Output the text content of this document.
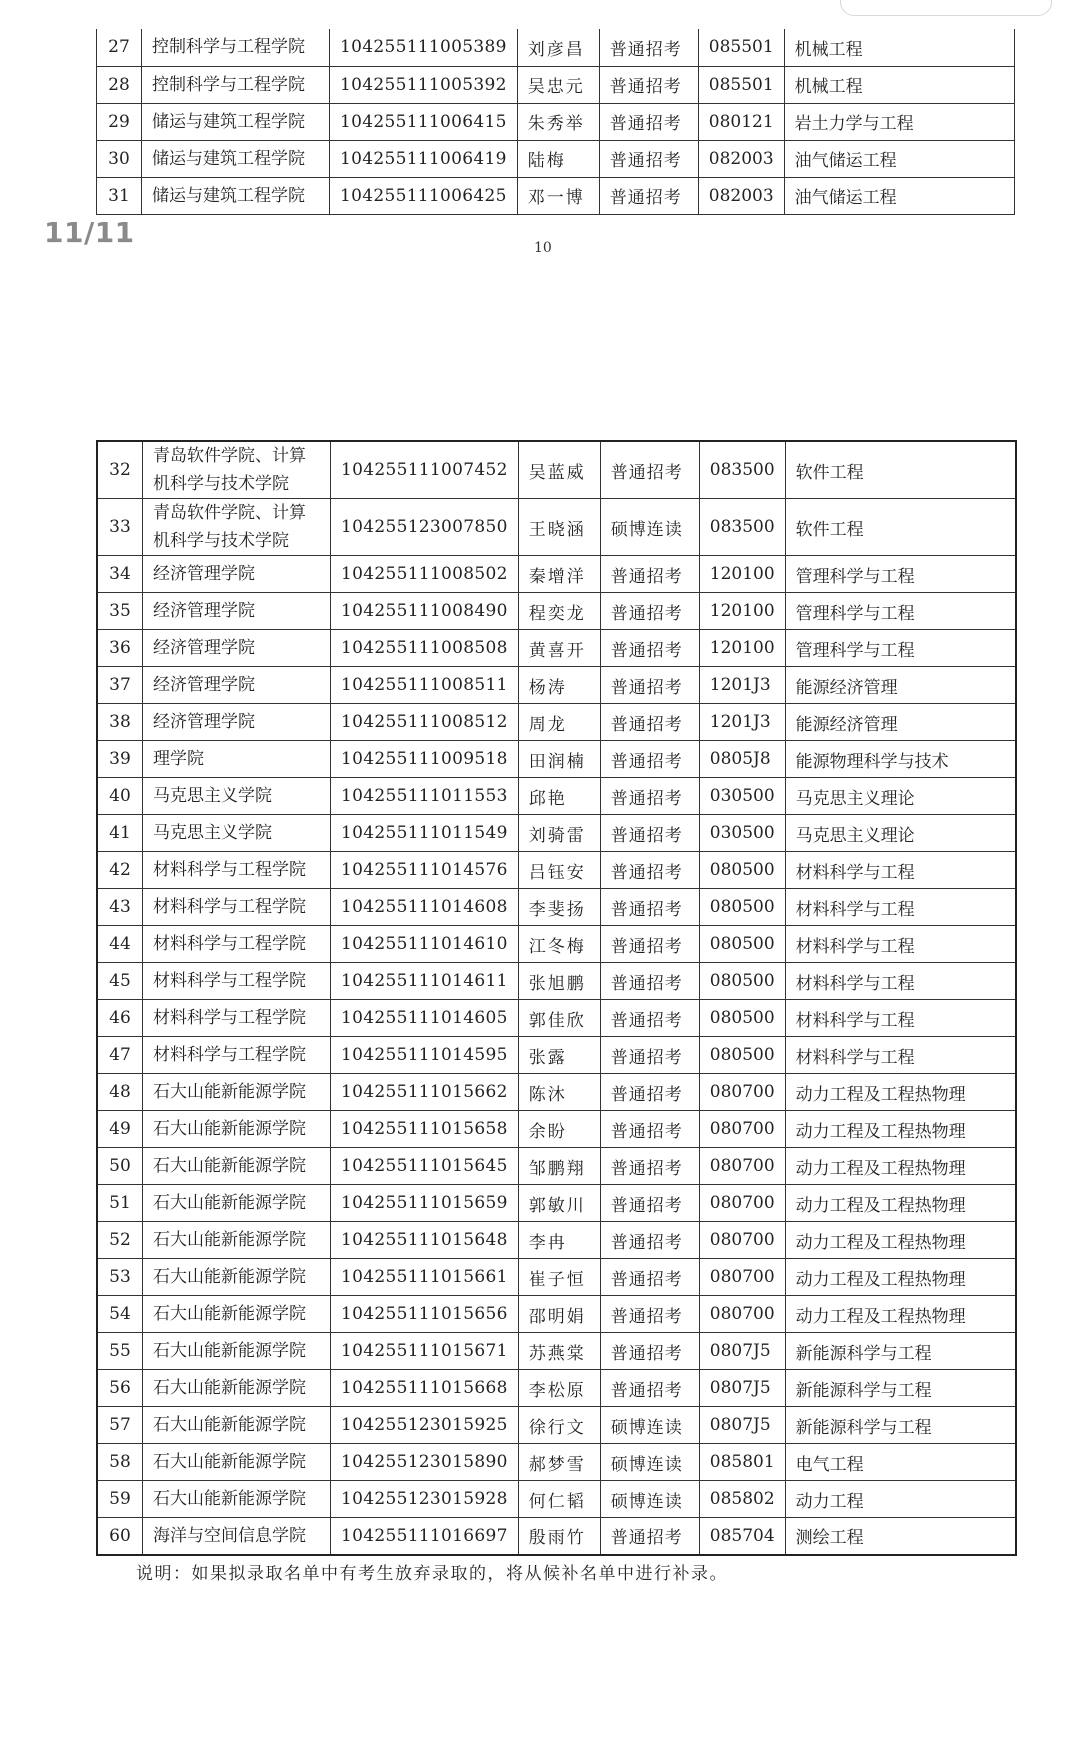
27	控制科学与工程学院	104255111005389	刘彦昌	普通招考	085501	机械工程
28	控制科学与工程学院	104255111005392	吴忠元	普通招考	085501	机械工程
29	储运与建筑工程学院	104255111006415	朱秀举	普通招考	080121	岩土力学与工程
30	储运与建筑工程学院	104255111006419	陆梅	普通招考	082003	油气储运工程
31	储运与建筑工程学院	104255111006425	邓一博	普通招考	082003	油气储运工程
11/11	10
32	青岛软件学院、计算机科学与技术学院	104255111007452	吴蓝威	普通招考	083500	软件工程
33	青岛软件学院、计算机科学与技术学院	104255123007850	王晓涵	硕博连读	083500	软件工程
34	经济管理学院	104255111008502	秦增洋	普通招考	120100	管理科学与工程
35	经济管理学院	104255111008490	程奕龙	普通招考	120100	管理科学与工程
36	经济管理学院	104255111008508	黄喜开	普通招考	120100	管理科学与工程
37	经济管理学院	104255111008511	杨涛	普通招考	1201J3	能源经济管理
38	经济管理学院	104255111008512	周龙	普通招考	1201J3	能源经济管理
39	理学院	104255111009518	田润楠	普通招考	0805J8	能源物理科学与技术
40	马克思主义学院	104255111011553	邱艳	普通招考	030500	马克思主义理论
41	马克思主义学院	104255111011549	刘骑雷	普通招考	030500	马克思主义理论
42	材料科学与工程学院	104255111014576	吕钰安	普通招考	080500	材料科学与工程
43	材料科学与工程学院	104255111014608	李斐扬	普通招考	080500	材料科学与工程
44	材料科学与工程学院	104255111014610	江冬梅	普通招考	080500	材料科学与工程
45	材料科学与工程学院	104255111014611	张旭鹏	普通招考	080500	材料科学与工程
46	材料科学与工程学院	104255111014605	郭佳欣	普通招考	080500	材料科学与工程
47	材料科学与工程学院	104255111014595	张露	普通招考	080500	材料科学与工程
48	石大山能新能源学院	104255111015662	陈沐	普通招考	080700	动力工程及工程热物理
49	石大山能新能源学院	104255111015658	余盼	普通招考	080700	动力工程及工程热物理
50	石大山能新能源学院	104255111015645	邹鹏翔	普通招考	080700	动力工程及工程热物理
51	石大山能新能源学院	104255111015659	郭敏川	普通招考	080700	动力工程及工程热物理
52	石大山能新能源学院	104255111015648	李冉	普通招考	080700	动力工程及工程热物理
53	石大山能新能源学院	104255111015661	崔子恒	普通招考	080700	动力工程及工程热物理
54	石大山能新能源学院	104255111015656	邵明娟	普通招考	080700	动力工程及工程热物理
55	石大山能新能源学院	104255111015671	苏燕棠	普通招考	0807J5	新能源科学与工程
56	石大山能新能源学院	104255111015668	李松原	普通招考	0807J5	新能源科学与工程
57	石大山能新能源学院	104255123015925	徐行文	硕博连读	0807J5	新能源科学与工程
58	石大山能新能源学院	104255123015890	郝梦雪	硕博连读	085801	电气工程
59	石大山能新能源学院	104255123015928	何仁韬	硕博连读	085802	动力工程
60	海洋与空间信息学院	104255111016697	殷雨竹	普通招考	085704	测绘工程
说明：如果拟录取名单中有考生放弃录取的，将从候补名单中进行补录。
